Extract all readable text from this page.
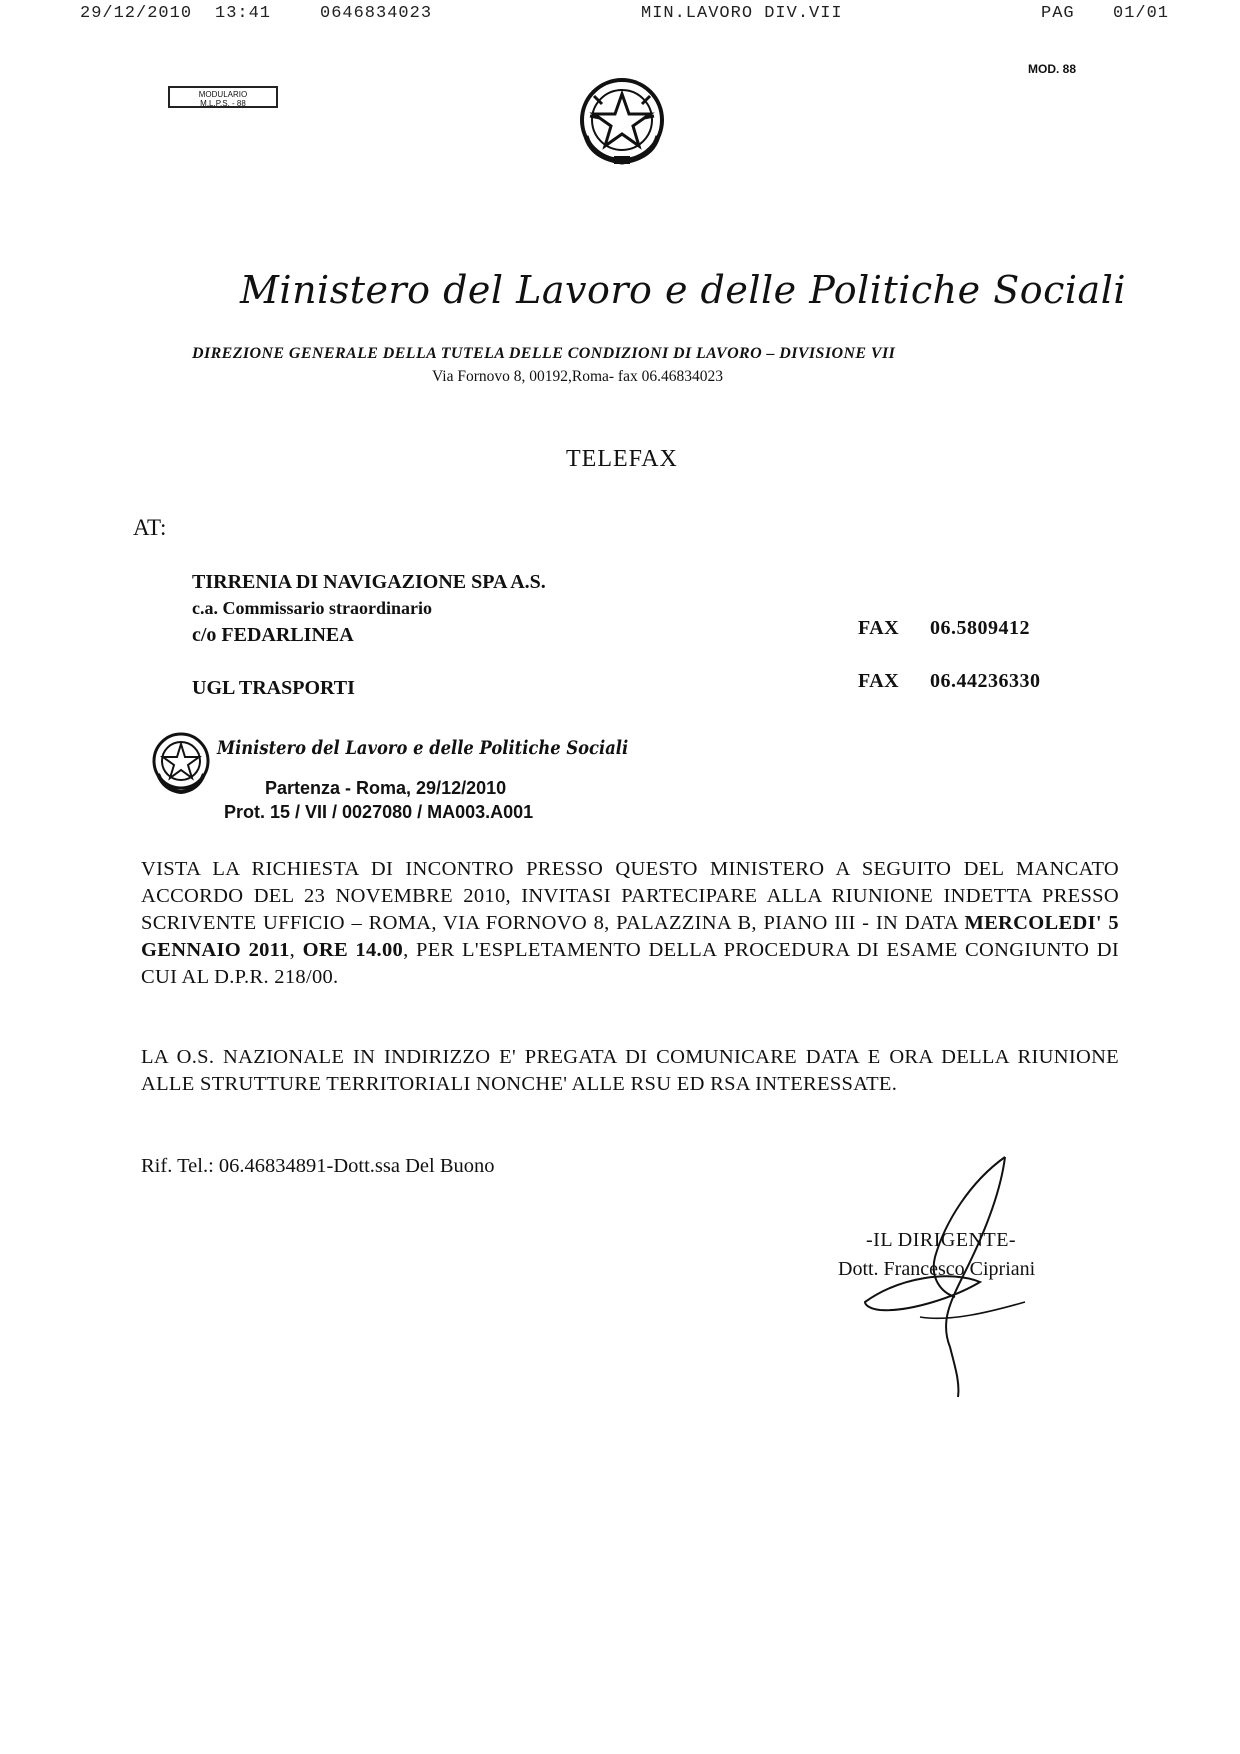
29/12/2010 13:41	0646834023	MIN.LAVORO DIV.VII	PAG 01/01
MOD. 88
MODULARIO
M.L.P.S. - 88
Ministero del Lavoro e delle Politiche Sociali
DIREZIONE GENERALE DELLA TUTELA DELLE CONDIZIONI DI LAVORO – DIVISIONE VII
Via Fornovo 8, 00192,Roma- fax 06.46834023
TELEFAX
AT:
TIRRENIA DI NAVIGAZIONE SPA A.S.
c.a. Commissario straordinario
c/o FEDARLINEA	FAX 06.5809412
UGL TRASPORTI	FAX 06.44236330
Ministero del Lavoro e delle Politiche Sociali
Partenza - Roma, 29/12/2010
Prot. 15 / VII / 0027080 / MA003.A001
VISTA LA RICHIESTA DI INCONTRO PRESSO QUESTO MINISTERO A SEGUITO DEL MANCATO ACCORDO DEL 23 NOVEMBRE 2010, INVITASI PARTECIPARE ALLA RIUNIONE INDETTA PRESSO SCRIVENTE UFFICIO – ROMA, VIA FORNOVO 8, PALAZZINA B, PIANO III - IN DATA MERCOLEDI' 5 GENNAIO 2011, ORE 14.00, PER L'ESPLETAMENTO DELLA PROCEDURA DI ESAME CONGIUNTO DI CUI AL D.P.R. 218/00.
LA O.S. NAZIONALE IN INDIRIZZO E' PREGATA DI COMUNICARE DATA E ORA DELLA RIUNIONE ALLE STRUTTURE TERRITORIALI NONCHE' ALLE RSU ED RSA INTERESSATE.
Rif. Tel.: 06.46834891-Dott.ssa Del Buono
-IL DIRIGENTE-
Dott. Francesco Cipriani
